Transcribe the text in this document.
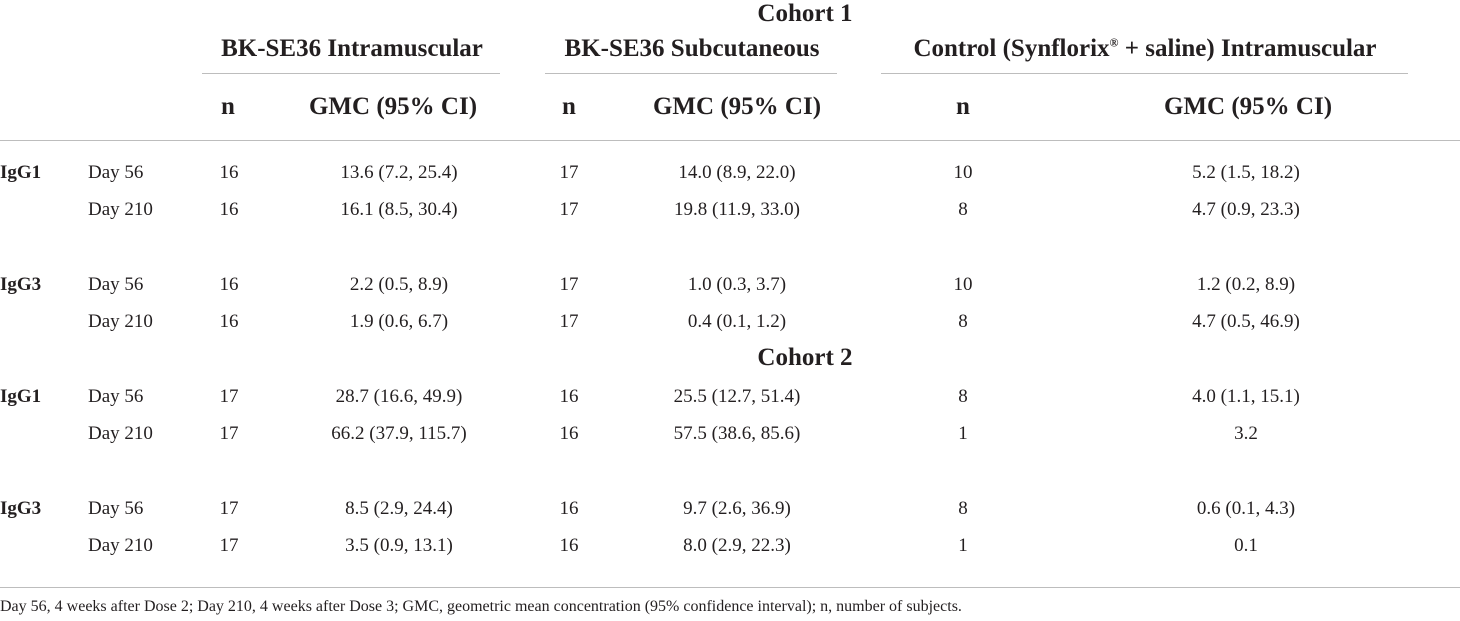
Cohort 1
BK-SE36 Intramuscular	BK-SE36 Subcutaneous	Control (Synflorix® + saline) Intramuscular
n	GMC (95% CI)	n	GMC (95% CI)	n	GMC (95% CI)
IgG1 Day 56	16	13.6 (7.2, 25.4)	17	14.0 (8.9, 22.0)	10	5.2 (1.5, 18.2)
Day 210	16	16.1 (8.5, 30.4)	17	19.8 (11.9, 33.0)	8	4.7 (0.9, 23.3)
IgG3 Day 56	16	2.2 (0.5, 8.9)	17	1.0 (0.3, 3.7)	10	1.2 (0.2, 8.9)
Day 210	16	1.9 (0.6, 6.7)	17	0.4 (0.1, 1.2)	8	4.7 (0.5, 46.9)
Cohort 2
IgG1 Day 56	17	28.7 (16.6, 49.9)	16	25.5 (12.7, 51.4)	8	4.0 (1.1, 15.1)
Day 210	17	66.2 (37.9, 115.7)	16	57.5 (38.6, 85.6)	1	3.2
IgG3 Day 56	17	8.5 (2.9, 24.4)	16	9.7 (2.6, 36.9)	8	0.6 (0.1, 4.3)
Day 210	17	3.5 (0.9, 13.1)	16	8.0 (2.9, 22.3)	1	0.1
Day 56, 4 weeks after Dose 2; Day 210, 4 weeks after Dose 3; GMC, geometric mean concentration (95% confidence interval); n, number of subjects.
